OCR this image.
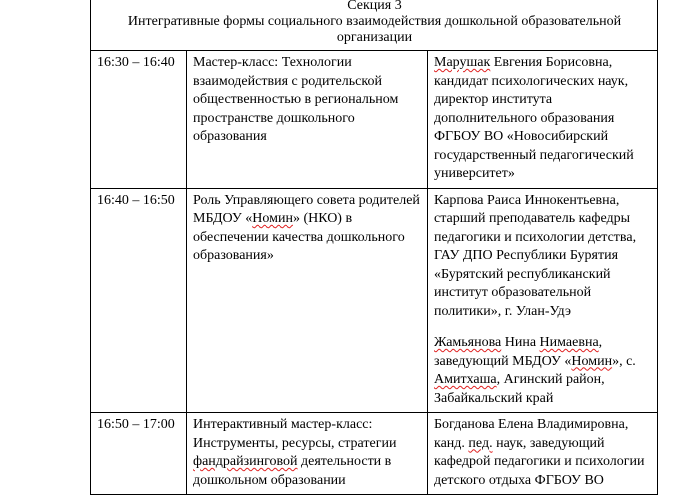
Секция 3
Интегративные формы социального взаимодействия дошкольной образовательной
организации		

16:30 – 16:40	Мастер-класс: Технологии взаимодействия с родительской общественностью в региональном пространстве дошкольного образования	Марушак Евгения Борисовна, кандидат психологических наук, директор института дополнительного образования ФГБОУ ВО «Новосибирский государственный педагогический университет»

16:40 – 16:50	Роль Управляющего совета родителей МБДОУ «Номин» (НКО) в обеспечении качества дошкольного образования»	Карпова Раиса Иннокентьевна, старший преподаватель кафедры педагогики и психологии детства, ГАУ ДПО Республики Бурятия «Бурятский республиканский институт образовательной политики», г. Улан-Удэ

Жамьянова Нина Нимаевна, заведующий МБДОУ «Номин», с. Амитхаша, Агинский район, Забайкальский край

16:50 – 17:00	Интерактивный мастер-класс: Инструменты, ресурсы, стратегии фандрайзинговой деятельности в дошкольном образовании	Богданова Елена Владимировна, канд. пед. наук, заведующий кафедрой педагогики и психологии детского отдыха ФГБОУ ВО
